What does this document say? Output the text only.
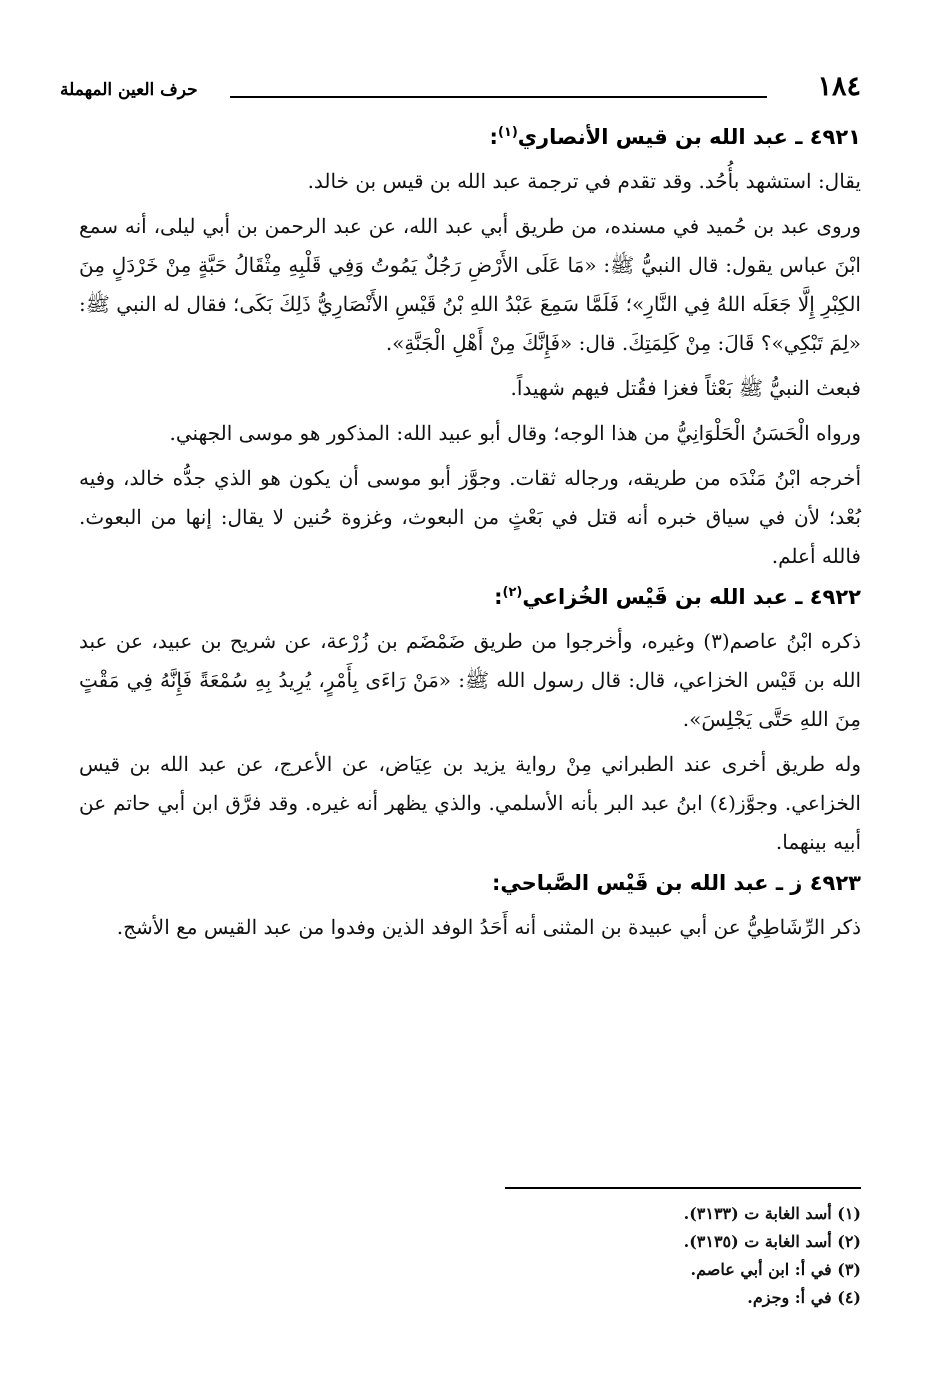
١٨٤
حرف العين المهملة
٤٩٢١ ـ عبد الله بن قيس الأنصاري$^{(١)}$:

يقال: استشهد بأُحُد. وقد تقدم في ترجمة عبد الله بن قيس بن خالد.

وروى عبد بن حُميد في مسنده، من طريق أبي عبد الله، عن عبد الرحمن بن أبي ليلى، أنه سمع ابْنَ عباس يقول: قال النبيُّ ﷺ: «مَا عَلَى الأَرْضِ رَجُلٌ يَمُوتُ وَفِي قَلْبِهِ مِثْقَالُ حَبَّةٍ مِنْ خَرْدَلٍ مِنَ الكِبْرِ إِلَّا جَعَلَه اللهُ فِي النَّارِ»؛ فَلَمَّا سَمِعَ عَبْدُ اللهِ بْنُ قَيْسِ الأَنْصَارِيُّ ذَلِكَ بَكَى؛ فقال له النبي ﷺ: «لِمَ تَبْكِي»؟ قَالَ: مِنْ كَلِمَتِكَ. قال: «فَإِنَّكَ مِنْ أَهْلِ الْجَنَّةِ».

فبعث النبيُّ ﷺ بَعْثاً فغزا فقُتل فيهم شهيداً.

ورواه الْحَسَنُ الْحَلْوَانِيُّ من هذا الوجه؛ وقال أبو عبيد الله: المذكور هو موسى الجهني.

أخرجه ابْنُ مَنْدَه من طريقه، ورجاله ثقات. وجوَّز أبو موسى أن يكون هو الذي جدُّه خالد، وفيه بُعْد؛ لأن في سياق خبره أنه قتل في بَعْثٍ من البعوث، وغزوة حُنين لا يقال: إنها من البعوث. فالله أعلم.

٤٩٢٢ ـ عبد الله بن قَيْس الخُزاعي$^{(٢)}$:

ذكره ابْنُ عاصم(٣) وغيره، وأخرجوا من طريق ضَمْضَم بن زُرْعة، عن شريح بن عبيد، عن عبد الله بن قَيْس الخزاعي، قال: قال رسول الله ﷺ: «مَنْ رَاءَى بِأَمْرٍ، يُرِيدُ بِهِ سُمْعَةً فَإِنَّهُ فِي مَقْتٍ مِنَ اللهِ حَتَّى يَجْلِسَ».

وله طريق أخرى عند الطبراني مِنْ رواية يزيد بن عِيَاض، عن الأعرج، عن عبد الله بن قيس الخزاعي. وجوَّز(٤) ابنُ عبد البر بأنه الأسلمي. والذي يظهر أنه غيره. وقد فرَّق ابن أبي حاتم عن أبيه بينهما.

٤٩٢٣ ز ـ عبد الله بن قَيْس الصَّباحي:

ذكر الرِّشَاطِيُّ عن أبي عبيدة بن المثنى أنه أَحَدُ الوفد الذين وفدوا من عبد القيس مع الأشج.

(١) أسد الغابة ت (٣١٣٣).

(٢) أسد الغابة ت (٣١٣٥).

(٣) في أ: ابن أبي عاصم.

(٤) في أ: وجزم.
